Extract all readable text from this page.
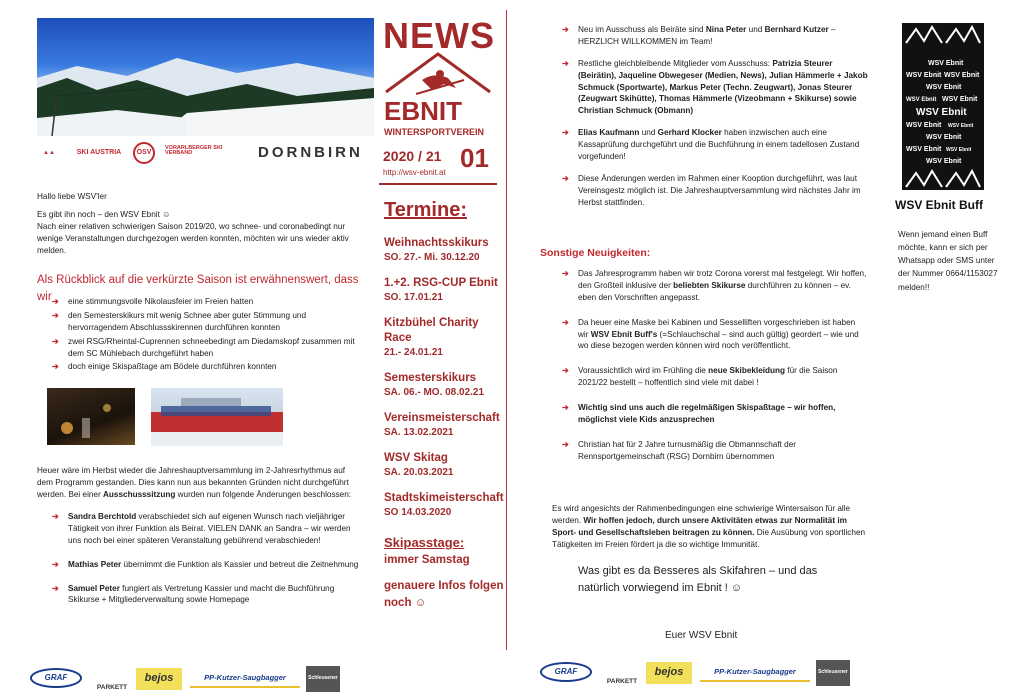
▲▲	SKI AUSTRIA ÖSV
VORARLBERGER SKI VERBAND	DORNBIRN

Hallo liebe WSV'ler

Es gibt ihn noch – den WSV Ebnit ☺

Nach einer relativen schwierigen Saison 2019/20, wo schnee- und coronabedingt nur wenige Veranstaltungen durchgezogen werden konnten, möchten wir uns wieder aktiv melden.

Als Rückblick auf die verkürzte Saison ist erwähnenswert, dass wir ➔ eine stimmungsvolle Nikolausfeier im Freien hatten
➔ den Semesterskikurs mit wenig Schnee aber guter Stimmung und hervorragendem Abschlussskirennen durchführen konnten
➔ zwei RSG/Rheintal-Cuprennen schneebedingt am Diedamskopf zusammen mit dem SC Mühlebach durchgeführt haben
➔ doch einige Skispaßtage am Bödele durchführen konnten
Heuer wäre im Herbst wieder die Jahreshauptversammlung im 2-Jahresrhythmus auf dem Programm gestanden. Dies kann nun aus bekannten Gründen nicht durchgeführt werden. Bei einer Ausschusssitzung wurden nun folgende Änderungen beschlossen:
➔ Sandra Berchtold verabschiedet sich auf eigenen Wunsch nach vieljähriger Tätigkeit von ihrer Funktion als Beirat. VIELEN DANK an Sandra – wir werden uns noch bei einer späteren Veranstaltung gebührend verabschieden!
➔ Mathias Peter übernimmt die Funktion als Kassier und betreut die Zeitnehmung
➔ Samuel Peter fungiert als Vertretung Kassier und macht die Buchführung Skikurse + Mitgliederverwaltung sowie Homepage
GRAF
PARKETT
bejos	PP-Kutzer-Saugbagger	Schleusener
NEWS
EBNIT
WINTERSPORTVEREIN
2020 / 21 01
http://wsv-ebnit.at
Termine:
Weihnachtsskikurs
SO. 27.- Mi. 30.12.20
1.+2. RSG-CUP Ebnit
SO. 17.01.21
Kitzbühel Charity Race
21.- 24.01.21
Semesterskikurs
SA. 06.- MO. 08.02.21
Vereinsmeisterschaft
SA. 13.02.2021
WSV Skitag
SA. 20.03.2021
Stadtskimeisterschaft
SO 14.03.2020
Skipasstage:
immer Samstag
genauere Infos folgen noch ☺
➔ Neu im Ausschuss als Beiräte sind Nina Peter und Bernhard Kutzer – HERZLICH WILLKOMMEN im Team!
➔ Restliche gleichbleibende Mitglieder vom Ausschuss: Patrizia Steurer (Beirätin), Jaqueline Obwegeser (Medien, News), Julian Hämmerle + Jakob Schmuck (Sportwarte), Markus Peter (Techn. Zeugwart), Jonas Steurer (Zeugwart Skihütte), Thomas Hämmerle (Vizeobmann + Skikurse) sowie Christian Schmuck (Obmann)
➔ Elias Kaufmann und Gerhard Klocker haben inzwischen auch eine Kassaprüfung durchgeführt und die Buchführung in einem tadellosen Zustand vorgefunden!
➔ Diese Änderungen werden im Rahmen einer Kooption durchgeführt, was laut Vereinsgestz möglich ist. Die Jahreshauptversammlung wird nächstes Jahr im Herbst stattfinden.
Sonstige Neuigkeiten:
➔ Das Jahresprogramm haben wir trotz Corona vorerst mal festgelegt. Wir hoffen, den Großteil inklusive der beliebten Skikurse durchführen zu können – ev. eben den Vorschriften angepasst.
➔ Da heuer eine Maske bei Kabinen und Sesselliften vorgeschrieben ist haben wir WSV Ebnit Buff's (=Schlauchschal – sind auch gültig) geordert – wie und wo diese bezogen werden können wird noch veröffentlicht.
➔ Voraussichtlich wird im Frühling die neue Skibekleidung für die Saison 2021/22 bestellt – hoffentlich sind viele mit dabei !
➔ Wichtig sind uns auch die regelmäßigen Skispaßtage – wir hoffen, möglichst viele Kids anzusprechen
➔ Christian hat für 2 Jahre turnusmäßig die Obmannschaft der Rennsportgemeinschaft (RSG) Dornbirn übernommen
Es wird angesichts der Rahmenbedingungen eine schwierige Wintersaison für alle werden. Wir hoffen jedoch, durch unsere Aktivitäten etwas zur Normalität im Sport- und Gesellschaftsleben beitragen zu können. Die Ausübung von sportlichen Tätigkeiten im Freien fördert ja die so wichtige Immunität.
Was gibt es da Besseres als Skifahren – und das natürlich vorwiegend im Ebnit ! ☺
Euer WSV Ebnit
GRAF
PARKETT
bejos	PP-Kutzer-Saugbagger	Schleusener
WSV Ebnit
WSV Ebnit WSV Ebnit
WSV Ebnit
WSV Ebnit WSV Ebnit
WSV Ebnit
WSV Ebnit WSV Ebnit
WSV Ebnit
WSV Ebnit WSV Ebnit
WSV Ebnit
WSV Ebnit Buff
Wenn jemand einen Buff möchte, kann er sich per Whatsapp oder SMS unter der Nummer 0664/1153027 melden!!
